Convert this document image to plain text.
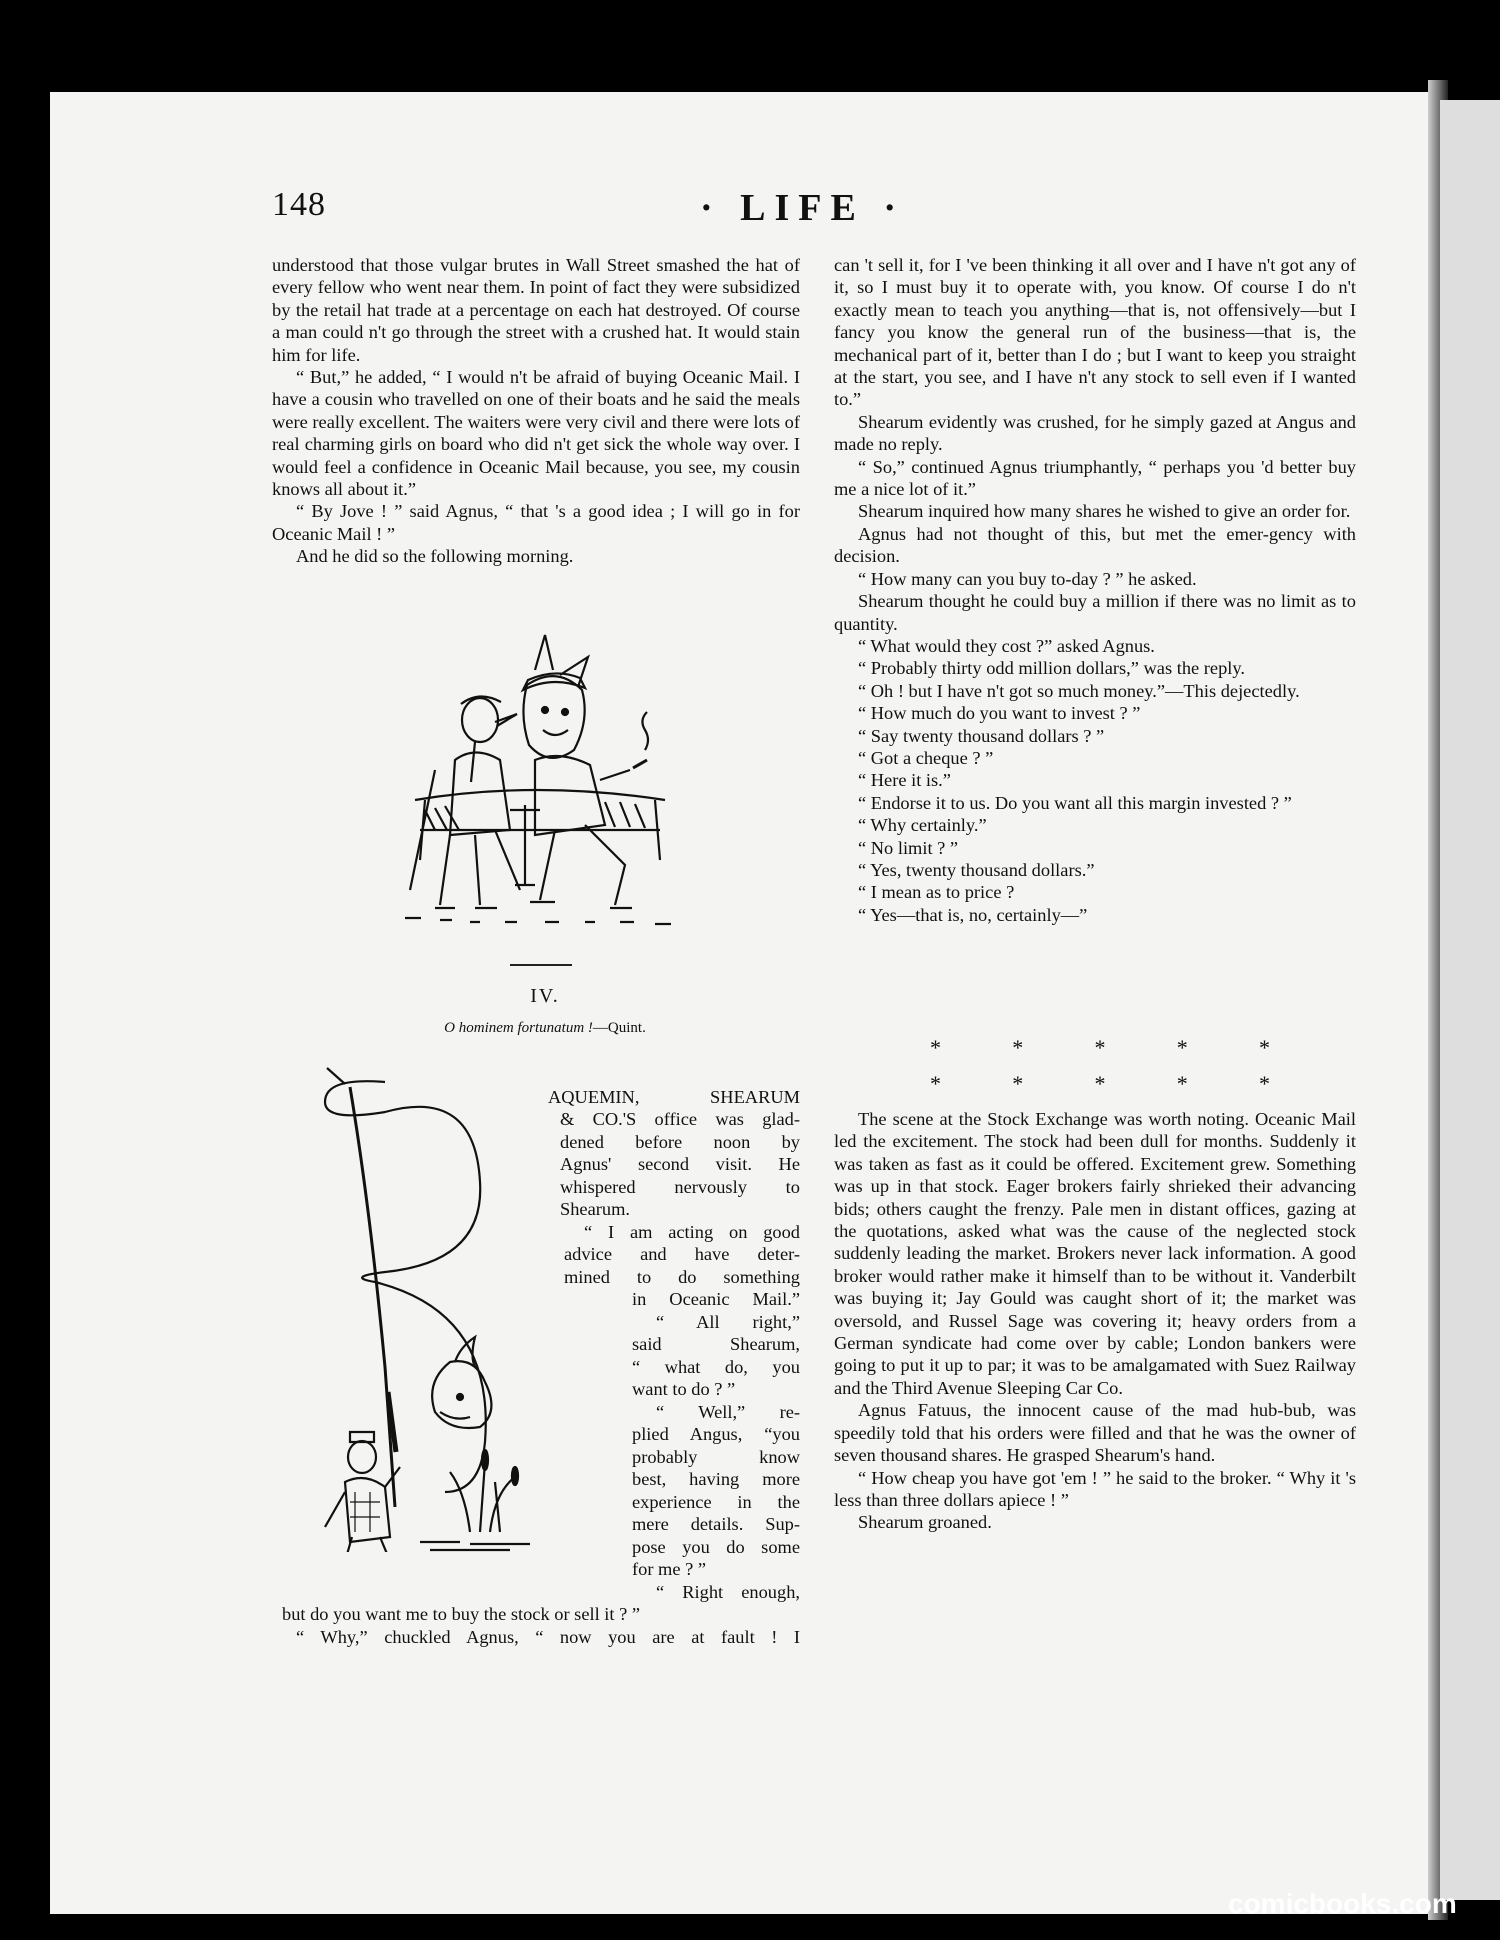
148	· LIFE ·

understood that those vulgar brutes in Wall Street smashed the hat of every fellow who went near them. In point of fact they were subsidized by the retail hat trade at a percentage on each hat destroyed. Of course a man could n't go through the street with a crushed hat. It would stain him for life.

“ But,” he added, “ I would n't be afraid of buying Oceanic Mail. I have a cousin who travelled on one of their boats and he said the meals were really excellent. The waiters were very civil and there were lots of real charming girls on board who did n't get sick the whole way over. I would feel a confidence in Oceanic Mail because, you see, my cousin knows all about it.”

“ By Jove ! ” said Agnus, “ that 's a good idea ; I will go in for Oceanic Mail ! ”

And he did so the following morning.

IV.
O hominem fortunatum !—Quint.
AQUEMIN, SHEARUM
& CO.'S office was glad-
dened before noon by
Agnus' second visit. He
whispered nervously to
Shearum.
“ I am acting on good
advice and have deter-
mined to do something
in Oceanic Mail.”
“ All right,”
said Shearum,
“ what do, you
want to do ? ”
“ Well,” re-
plied Angus, “you
probably know
best, having more
experience in the
mere details. Sup-
pose you do some
for me ? ”
“ Right enough,
but do you want me to buy the stock or sell it ? ”
“ Why,” chuckled Agnus, “ now you are at fault ! I

can 't sell it, for I 've been thinking it all over and I have n't got any of it, so I must buy it to operate with, you know. Of course I do n't exactly mean to teach you anything—that is, not offensively—but I fancy you know the general run of the business—that is, the mechanical part of it, better than I do ; but I want to keep you straight at the start, you see, and I have n't any stock to sell even if I wanted to.”

Shearum evidently was crushed, for he simply gazed at Angus and made no reply.

“ So,” continued Agnus triumphantly, “ perhaps you 'd better buy me a nice lot of it.”

Shearum inquired how many shares he wished to give an order for.

Agnus had not thought of this, but met the emer-gency with decision.

“ How many can you buy to-day ? ” he asked.

Shearum thought he could buy a million if there was no limit as to quantity.

“ What would they cost ?” asked Agnus.

“ Probably thirty odd million dollars,” was the reply.

“ Oh ! but I have n't got so much money.”—This dejectedly.

“ How much do you want to invest ? ”

“ Say twenty thousand dollars ? ”

“ Got a cheque ? ”

“ Here it is.”

“ Endorse it to us. Do you want all this margin invested ? ”

“ Why certainly.”

“ No limit ? ”

“ Yes, twenty thousand dollars.”

“ I mean as to price ?

“ Yes—that is, no, certainly—”

*	*	*	*	*
*	*	*	*	*

The scene at the Stock Exchange was worth noting. Oceanic Mail led the excitement. The stock had been dull for months. Suddenly it was taken as fast as it could be offered. Excitement grew. Something was up in that stock. Eager brokers fairly shrieked their advancing bids; others caught the frenzy. Pale men in distant offices, gazing at the quotations, asked what was the cause of the neglected stock suddenly leading the market. Brokers never lack information. A good broker would rather make it himself than to be without it. Vanderbilt was buying it; Jay Gould was caught short of it; the market was oversold, and Russel Sage was covering it; heavy orders from a German syndicate had come over by cable; London bankers were going to put it up to par; it was to be amalgamated with Suez Railway and the Third Avenue Sleeping Car Co.

Agnus Fatuus, the innocent cause of the mad hub-bub, was speedily told that his orders were filled and that he was the owner of seven thousand shares. He grasped Shearum's hand.

“ How cheap you have got 'em ! ” he said to the broker. “ Why it 's less than three dollars apiece ! ”

Shearum groaned.

comicbooks.com
